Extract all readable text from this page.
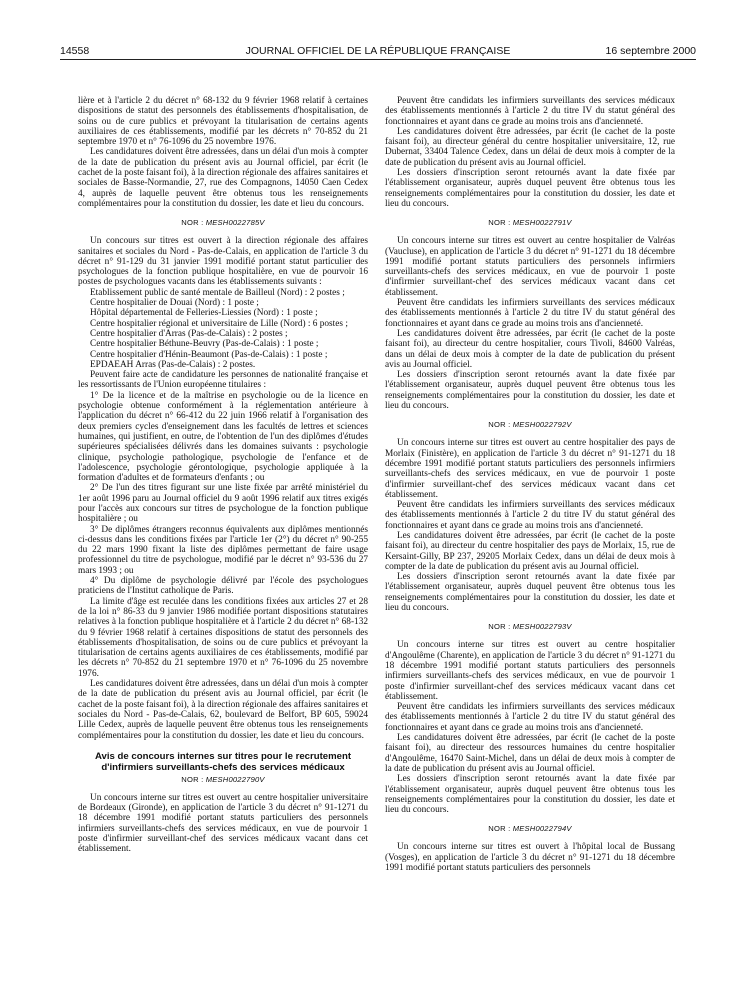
14558	JOURNAL OFFICIEL DE LA RÉPUBLIQUE FRANÇAISE	16 septembre 2000

lière et à l'article 2 du décret n° 68-132 du 9 février 1968 relatif à certaines dispositions de statut des personnels des établissements d'hospitalisation, de soins ou de cure publics et prévoyant la titularisation de certains agents auxiliaires de ces établissements, modifié par les décrets n° 70-852 du 21 septembre 1970 et n° 76-1096 du 25 novembre 1976.

Les candidatures doivent être adressées, dans un délai d'un mois à compter de la date de publication du présent avis au Journal officiel, par écrit (le cachet de la poste faisant foi), à la direction régionale des affaires sanitaires et sociales de Basse-Normandie, 27, rue des Compagnons, 14050 Caen Cedex 4, auprès de laquelle peuvent être obtenus tous les renseignements complémentaires pour la constitution du dossier, les date et lieu du concours.

NOR : MESH0022785V

Un concours sur titres est ouvert à la direction régionale des affaires sanitaires et sociales du Nord - Pas-de-Calais, en application de l'article 3 du décret n° 91-129 du 31 janvier 1991 modifié portant statut particulier des psychologues de la fonction publique hospitalière, en vue de pourvoir 16 postes de psychologues vacants dans les établissements suivants :

Etablissement public de santé mentale de Bailleul (Nord) : 2 postes ;

Centre hospitalier de Douai (Nord) : 1 poste ;

Hôpital départemental de Felleries-Liessies (Nord) : 1 poste ;

Centre hospitalier régional et universitaire de Lille (Nord) : 6 postes ;

Centre hospitalier d'Arras (Pas-de-Calais) : 2 postes ;

Centre hospitalier Béthune-Beuvry (Pas-de-Calais) : 1 poste ;

Centre hospitalier d'Hénin-Beaumont (Pas-de-Calais) : 1 poste ;

EPDAEAH Arras (Pas-de-Calais) : 2 postes.

Peuvent faire acte de candidature les personnes de nationalité française et les ressortissants de l'Union européenne titulaires :

1° De la licence et de la maîtrise en psychologie ou de la licence en psychologie obtenue conformément à la réglementation antérieure à l'application du décret n° 66-412 du 22 juin 1966 relatif à l'organisation des deux premiers cycles d'enseignement dans les facultés de lettres et sciences humaines, qui justifient, en outre, de l'obtention de l'un des diplômes d'études supérieures spécialisées délivrés dans les domaines suivants : psychologie clinique, psychologie pathologique, psychologie de l'enfance et de l'adolescence, psychologie gérontologique, psychologie appliquée à la formation d'adultes et de formateurs d'enfants ; ou

2° De l'un des titres figurant sur une liste fixée par arrêté ministériel du 1er août 1996 paru au Journal officiel du 9 août 1996 relatif aux titres exigés pour l'accès aux concours sur titres de psychologue de la fonction publique hospitalière ; ou

3° De diplômes étrangers reconnus équivalents aux diplômes mentionnés ci-dessus dans les conditions fixées par l'article 1er (2°) du décret n° 90-255 du 22 mars 1990 fixant la liste des diplômes permettant de faire usage professionnel du titre de psychologue, modifié par le décret n° 93-536 du 27 mars 1993 ; ou

4° Du diplôme de psychologie délivré par l'école des psychologues praticiens de l'Institut catholique de Paris.

La limite d'âge est reculée dans les conditions fixées aux articles 27 et 28 de la loi n° 86-33 du 9 janvier 1986 modifiée portant dispositions statutaires relatives à la fonction publique hospitalière et à l'article 2 du décret n° 68-132 du 9 février 1968 relatif à certaines dispositions de statut des personnels des établissements d'hospitalisation, de soins ou de cure publics et prévoyant la titularisation de certains agents auxiliaires de ces établissements, modifié par les décrets n° 70-852 du 21 septembre 1970 et n° 76-1096 du 25 novembre 1976.

Les candidatures doivent être adressées, dans un délai d'un mois à compter de la date de publication du présent avis au Journal officiel, par écrit (le cachet de la poste faisant foi), à la direction régionale des affaires sanitaires et sociales du Nord - Pas-de-Calais, 62, boulevard de Belfort, BP 605, 59024 Lille Cedex, auprès de laquelle peuvent être obtenus tous les renseignements complémentaires pour la constitution du dossier, les date et lieu du concours.

Avis de concours internes sur titres pour le recrutement d'infirmiers surveillants-chefs des services médicaux
NOR : MESH0022790V

Un concours interne sur titres est ouvert au centre hospitalier universitaire de Bordeaux (Gironde), en application de l'article 3 du décret n° 91-1271 du 18 décembre 1991 modifié portant statuts particuliers des personnels infirmiers surveillants-chefs des services médicaux, en vue de pourvoir 1 poste d'infirmier surveillant-chef des services médicaux vacant dans cet établissement.

Peuvent être candidats les infirmiers surveillants des services médicaux des établissements mentionnés à l'article 2 du titre IV du statut général des fonctionnaires et ayant dans ce grade au moins trois ans d'ancienneté.

Les candidatures doivent être adressées, par écrit (le cachet de la poste faisant foi), au directeur général du centre hospitalier universitaire, 12, rue Dubernat, 33404 Talence Cedex, dans un délai de deux mois à compter de la date de publication du présent avis au Journal officiel.

Les dossiers d'inscription seront retournés avant la date fixée par l'établissement organisateur, auprès duquel peuvent être obtenus tous les renseignements complémentaires pour la constitution du dossier, les date et lieu du concours.

NOR : MESH0022791V

Un concours interne sur titres est ouvert au centre hospitalier de Valréas (Vaucluse), en application de l'article 3 du décret n° 91-1271 du 18 décembre 1991 modifié portant statuts particuliers des personnels infirmiers surveillants-chefs des services médicaux, en vue de pourvoir 1 poste d'infirmier surveillant-chef des services médicaux vacant dans cet établissement.

Peuvent être candidats les infirmiers surveillants des services médicaux des établissements mentionnés à l'article 2 du titre IV du statut général des fonctionnaires et ayant dans ce grade au moins trois ans d'ancienneté.

Les candidatures doivent être adressées, par écrit (le cachet de la poste faisant foi), au directeur du centre hospitalier, cours Tivoli, 84600 Valréas, dans un délai de deux mois à compter de la date de publication du présent avis au Journal officiel.

Les dossiers d'inscription seront retournés avant la date fixée par l'établissement organisateur, auprès duquel peuvent être obtenus tous les renseignements complémentaires pour la constitution du dossier, les date et lieu du concours.

NOR : MESH0022792V

Un concours interne sur titres est ouvert au centre hospitalier des pays de Morlaix (Finistère), en application de l'article 3 du décret n° 91-1271 du 18 décembre 1991 modifié portant statuts particuliers des personnels infirmiers surveillants-chefs des services médicaux, en vue de pourvoir 1 poste d'infirmier surveillant-chef des services médicaux vacant dans cet établissement.

Peuvent être candidats les infirmiers surveillants des services médicaux des établissements mentionnés à l'article 2 du titre IV du statut général des fonctionnaires et ayant dans ce grade au moins trois ans d'ancienneté.

Les candidatures doivent être adressées, par écrit (le cachet de la poste faisant foi), au directeur du centre hospitalier des pays de Morlaix, 15, rue de Kersaint-Gilly, BP 237, 29205 Morlaix Cedex, dans un délai de deux mois à compter de la date de publication du présent avis au Journal officiel.

Les dossiers d'inscription seront retournés avant la date fixée par l'établissement organisateur, auprès duquel peuvent être obtenus tous les renseignements complémentaires pour la constitution du dossier, les date et lieu du concours.

NOR : MESH0022793V

Un concours interne sur titres est ouvert au centre hospitalier d'Angoulême (Charente), en application de l'article 3 du décret n° 91-1271 du 18 décembre 1991 modifié portant statuts particuliers des personnels infirmiers surveillants-chefs des services médicaux, en vue de pourvoir 1 poste d'infirmier surveillant-chef des services médicaux vacant dans cet établissement.

Peuvent être candidats les infirmiers surveillants des services médicaux des établissements mentionnés à l'article 2 du titre IV du statut général des fonctionnaires et ayant dans ce grade au moins trois ans d'ancienneté.

Les candidatures doivent être adressées, par écrit (le cachet de la poste faisant foi), au directeur des ressources humaines du centre hospitalier d'Angoulême, 16470 Saint-Michel, dans un délai de deux mois à compter de la date de publication du présent avis au Journal officiel.

Les dossiers d'inscription seront retournés avant la date fixée par l'établissement organisateur, auprès duquel peuvent être obtenus tous les renseignements complémentaires pour la constitution du dossier, les date et lieu du concours.

NOR : MESH0022794V

Un concours interne sur titres est ouvert à l'hôpital local de Bussang (Vosges), en application de l'article 3 du décret n° 91-1271 du 18 décembre 1991 modifié portant statuts particuliers des personnels
